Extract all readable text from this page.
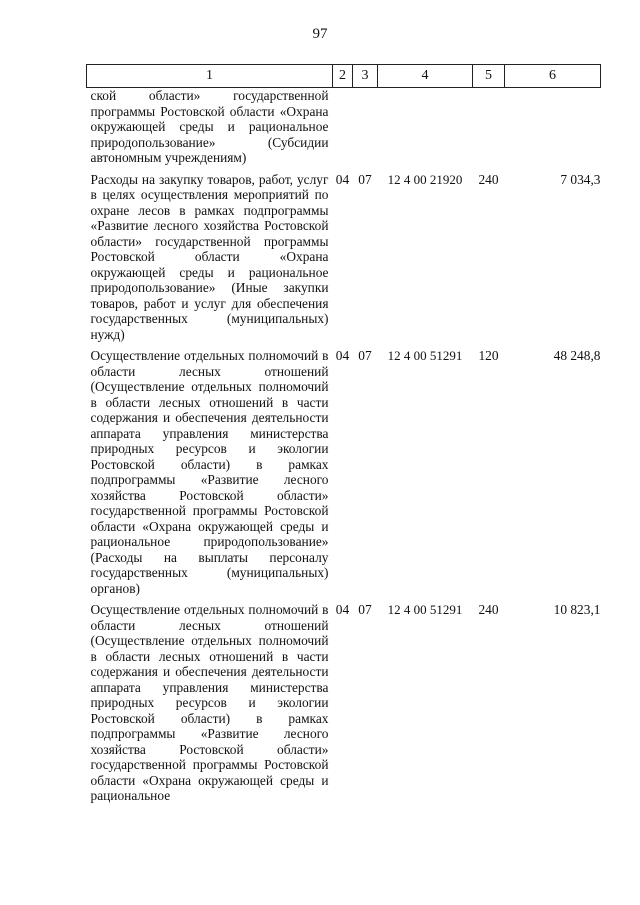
97
1	2	3	4	5	6
ской области» государственной программы Ростовской области «Охрана окружающей среды и рациональное природопользование» (Субсидии автономным учреждениям)					
Расходы на закупку товаров, работ, услуг в целях осуществления мероприятий по охране лесов в рамках подпрограммы «Развитие лесного хозяйства Ростовской области» государственной программы Ростовской области «Охрана окружающей среды и рациональное природопользование» (Иные закупки товаров, работ и услуг для обеспечения государственных (муниципальных) нужд)	04	07	12 4 00 21920	240	7 034,3
Осуществление отдельных полномочий в области лесных отношений (Осуществление отдельных полномочий в области лесных отношений в части содержания и обеспечения деятельности аппарата управления министерства природных ресурсов и экологии Ростовской области) в рамках подпрограммы «Развитие лесного хозяйства Ростовской области» государственной программы Ростовской области «Охрана окружающей среды и рациональное природопользование» (Расходы на выплаты персоналу государственных (муниципальных) органов)	04	07	12 4 00 51291	120	48 248,8
Осуществление отдельных полномочий в области лесных отношений (Осуществление отдельных полномочий в области лесных отношений в части содержания и обеспечения деятельности аппарата управления министерства природных ресурсов и экологии Ростовской области) в рамках подпрограммы «Развитие лесного хозяйства Ростовской области» государственной программы Ростовской области «Охрана окружающей среды и рациональное	04	07	12 4 00 51291	240	10 823,1
